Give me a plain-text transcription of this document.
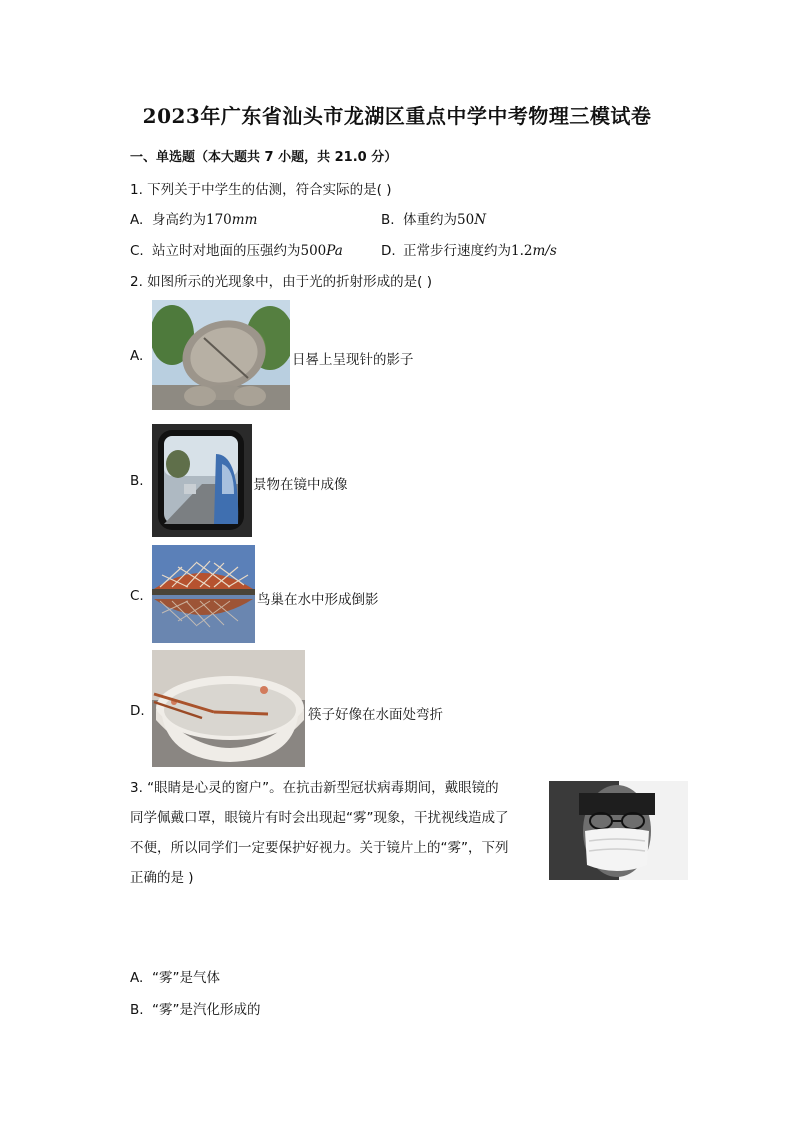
2023年广东省汕头市龙湖区重点中学中考物理三模试卷
一、单选题（本大题共 7 小题，共 21.0 分）
1. 下列关于中学生的估测，符合实际的是( )
A. 身高约为170mm	B. 体重约为50N
C. 站立时对地面的压强约为500Pa	D. 正常步行速度约为1.2m/s
2. 如图所示的光现象中，由于光的折射形成的是( )
A.	日晷上呈现针的影子
B.	景物在镜中成像
C.	鸟巢在水中形成倒影
D.	筷子好像在水面处弯折
3. “眼睛是心灵的窗户”。在抗击新型冠状病毒期间，戴眼镜的
同学佩戴口罩，眼镜片有时会出现起“雾”现象，干扰视线造成了
不便，所以同学们一定要保护好视力。关于镜片上的“雾”，下列
正确的是 )
A. “雾”是气体
B. “雾”是汽化形成的
